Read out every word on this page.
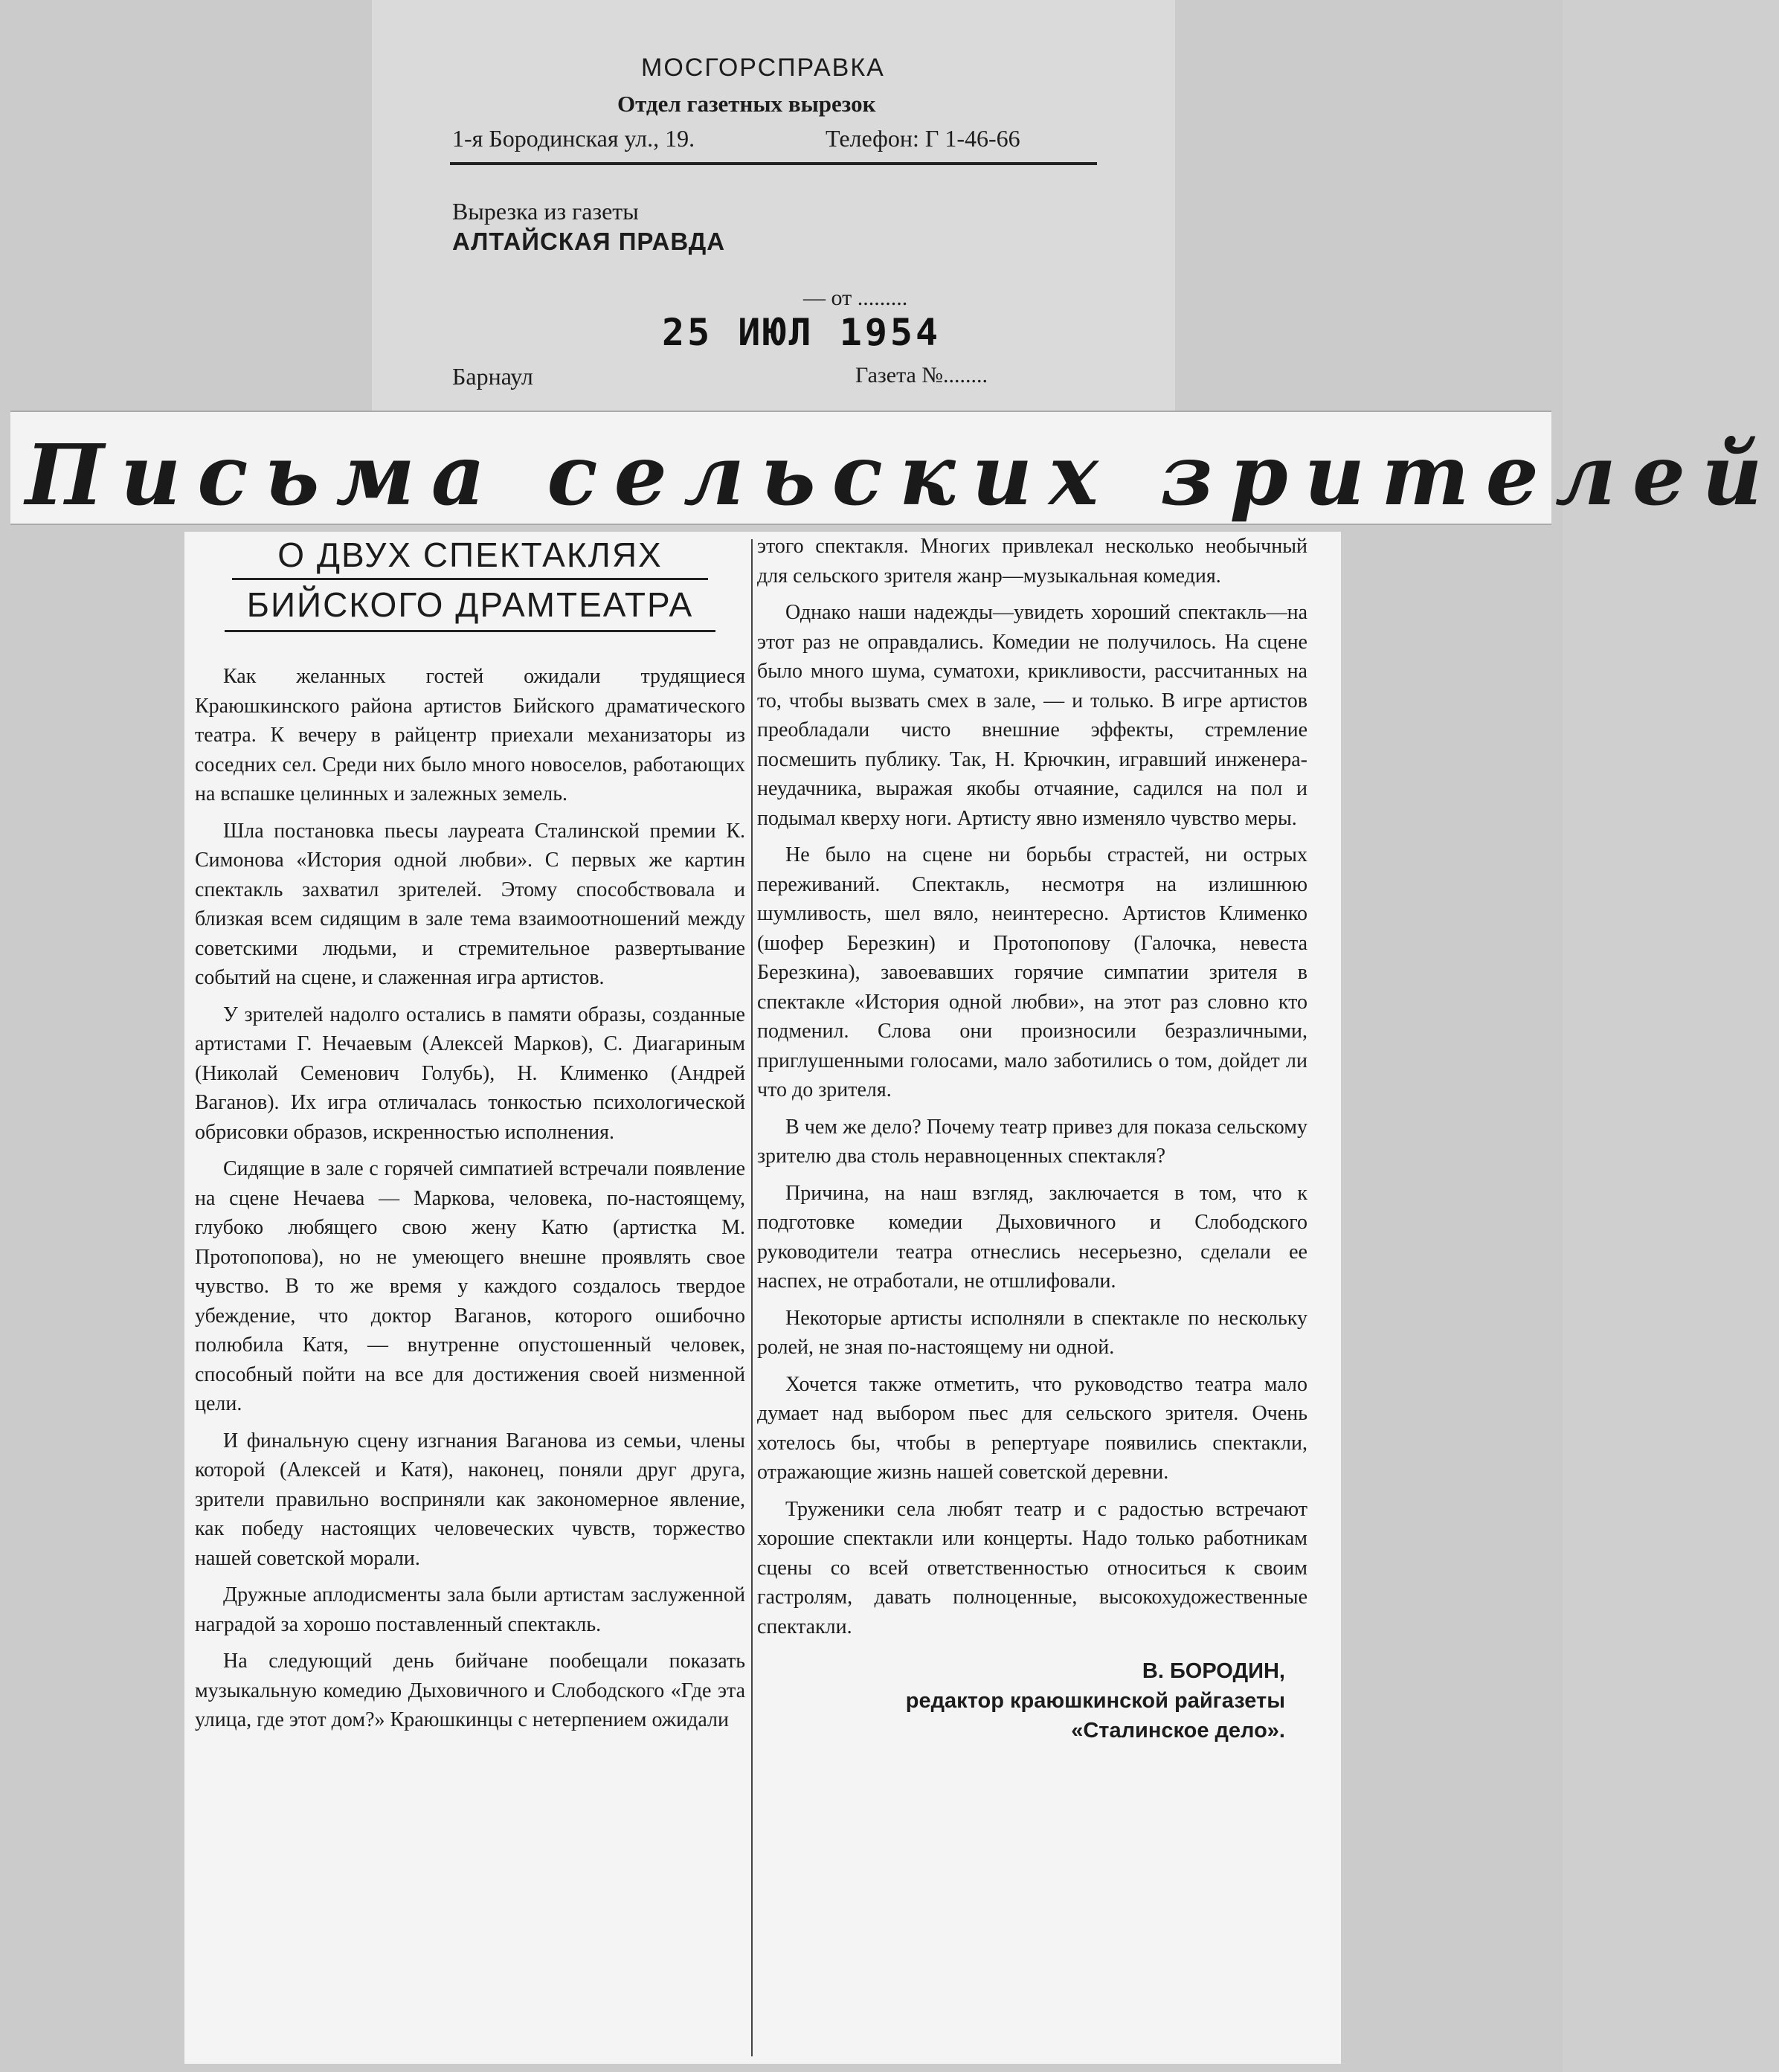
МОСГОРСПРАВКА
Отдел газетных вырезок
1-я Бородинская ул., 19.	Телефон: Г 1-46-66
Вырезка из газеты
АЛТАЙСКАЯ ПРАВДА
— от .........
25 ИЮЛ 1954
Барнаул	Газета №........
Письма сельских зрителей
О ДВУХ СПЕКТАКЛЯХ
БИЙСКОГО ДРАМТЕАТРА

Как желанных гостей ожидали трудящиеся Краюшкинского района артистов Бийского драматического театра. К вечеру в райцентр приехали механизаторы из соседних сел. Среди них было много новоселов, работающих на вспашке целинных и залежных земель.

Шла постановка пьесы лауреата Сталинской премии К. Симонова «История одной любви». С первых же картин спектакль захватил зрителей. Этому способствовала и близкая всем сидящим в зале тема взаимоотношений между советскими людьми, и стремительное развертывание событий на сцене, и слаженная игра артистов.

У зрителей надолго остались в памяти образы, созданные артистами Г. Нечаевым (Алексей Марков), С. Диагариным (Николай Семенович Голубь), Н. Клименко (Андрей Ваганов). Их игра отличалась тонкостью психологической обрисовки образов, искренностью исполнения.

Сидящие в зале с горячей симпатией встречали появление на сцене Нечаева — Маркова, человека, по-настоящему, глубоко любящего свою жену Катю (артистка М. Протопопова), но не умеющего внешне проявлять свое чувство. В то же время у каждого создалось твердое убеждение, что доктор Ваганов, которого ошибочно полюбила Катя, — внутренне опустошенный человек, способный пойти на все для достижения своей низменной цели.

И финальную сцену изгнания Ваганова из семьи, члены которой (Алексей и Катя), наконец, поняли друг друга, зрители правильно восприняли как закономерное явление, как победу настоящих человеческих чувств, торжество нашей советской морали.

Дружные аплодисменты зала были артистам заслуженной наградой за хорошо поставленный спектакль.

На следующий день бийчане пообещали показать музыкальную комедию Дыховичного и Слободского «Где эта улица, где этот дом?» Краюшкинцы с нетерпением ожидали

этого спектакля. Многих привлекал несколько необычный для сельского зрителя жанр—музыкальная комедия.

Однако наши надежды—увидеть хороший спектакль—на этот раз не оправдались. Комедии не получилось. На сцене было много шума, суматохи, крикливости, рассчитанных на то, чтобы вызвать смех в зале, — и только. В игре артистов преобладали чисто внешние эффекты, стремление посмешить публику. Так, Н. Крючкин, игравший инженера-неудачника, выражая якобы отчаяние, садился на пол и подымал кверху ноги. Артисту явно изменяло чувство меры.

Не было на сцене ни борьбы страстей, ни острых переживаний. Спектакль, несмотря на излишнюю шумливость, шел вяло, неинтересно. Артистов Клименко (шофер Березкин) и Протопопову (Галочка, невеста Березкина), завоевавших горячие симпатии зрителя в спектакле «История одной любви», на этот раз словно кто подменил. Слова они произносили безразличными, приглушенными голосами, мало заботились о том, дойдет ли что до зрителя.

В чем же дело? Почему театр привез для показа сельскому зрителю два столь неравноценных спектакля?

Причина, на наш взгляд, заключается в том, что к подготовке комедии Дыховичного и Слободского руководители театра отнеслись несерьезно, сделали ее наспех, не отработали, не отшлифовали.

Некоторые артисты исполняли в спектакле по нескольку ролей, не зная по-настоящему ни одной.

Хочется также отметить, что руководство театра мало думает над выбором пьес для сельского зрителя. Очень хотелось бы, чтобы в репертуаре появились спектакли, отражающие жизнь нашей советской деревни.

Труженики села любят театр и с радостью встречают хорошие спектакли или концерты. Надо только работникам сцены со всей ответственностью относиться к своим гастролям, давать полноценные, высокохудожественные спектакли.

В. БОРОДИН,
редактор краюшкинской райгазеты
«Сталинское дело».
